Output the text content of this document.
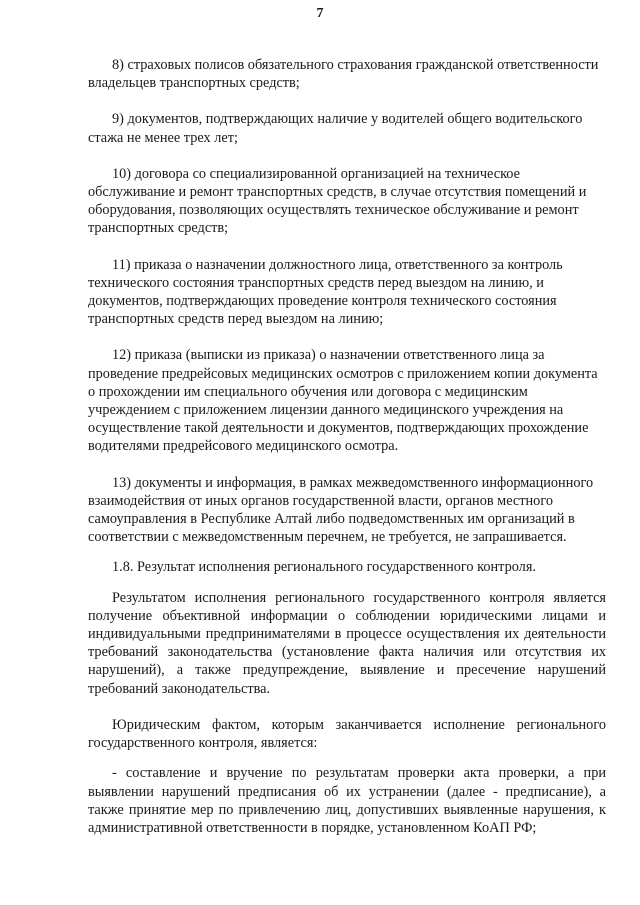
7

8) страховых полисов обязательного страхования гражданской ответственности владельцев транспортных средств;

9) документов, подтверждающих наличие у водителей общего водительского стажа не менее трех лет;

10) договора со специализированной организацией на техническое обслуживание и ремонт транспортных средств, в случае отсутствия помещений и оборудования, позволяющих осуществлять техническое обслуживание и ремонт транспортных средств;

11) приказа о назначении должностного лица, ответственного за контроль технического состояния транспортных средств перед выездом на линию, и документов, подтверждающих проведение контроля технического состояния транспортных средств перед выездом на линию;

12) приказа (выписки из приказа) о назначении ответственного лица за проведение предрейсовых медицинских осмотров с приложением копии документа о прохождении им специального обучения или договора с медицинским учреждением с приложением лицензии данного медицинского учреждения на осуществление такой деятельности и документов, подтверждающих прохождение водителями предрейсового медицинского осмотра.

13) документы и информация, в рамках межведомственного информационного взаимодействия от иных органов государственной власти, органов местного самоуправления в Республике Алтай либо подведомственных им организаций в соответствии с межведомственным перечнем, не требуется, не запрашивается.

1.8. Результат исполнения регионального государственного контроля.

Результатом исполнения регионального государственного контроля является получение объективной информации о соблюдении юридическими лицами и индивидуальными предпринимателями в процессе осуществления их деятельности требований законодательства (установление факта наличия или отсутствия их нарушений), а также предупреждение, выявление и пресечение нарушений требований законодательства.

Юридическим фактом, которым заканчивается исполнение регионального государственного контроля, является:

- составление и вручение по результатам проверки акта проверки, а при выявлении нарушений предписания об их устранении (далее - предписание), а также принятие мер по привлечению лиц, допустивших выявленные нарушения, к административной ответственности в порядке, установленном КоАП РФ;
